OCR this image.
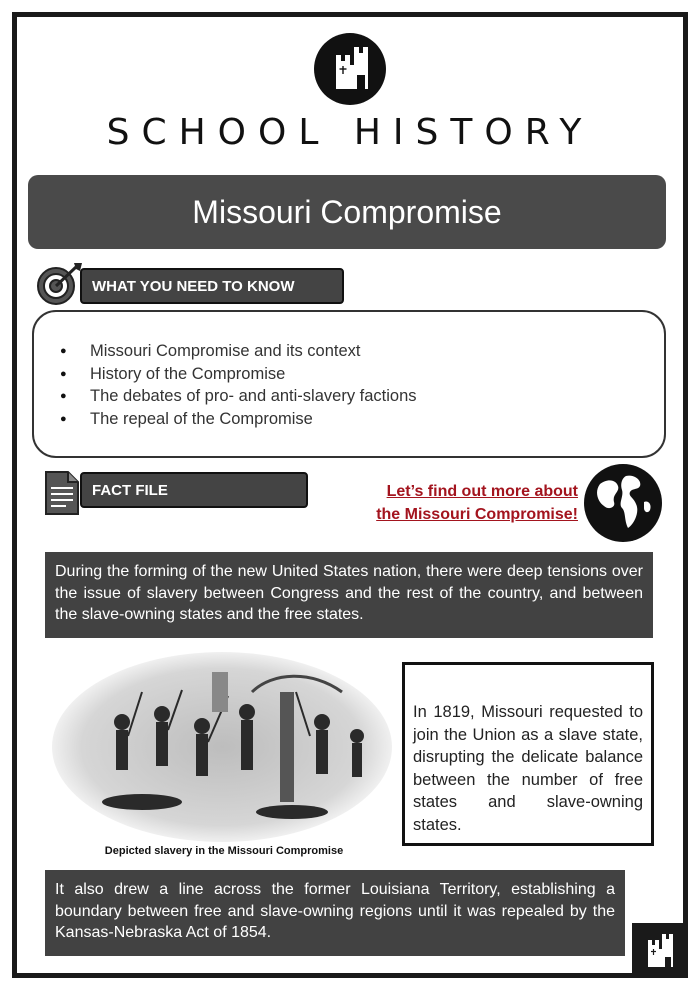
SCHOOL HISTORY
Missouri Compromise
WHAT YOU NEED TO KNOW
● Missouri Compromise and its context
● History of the Compromise
● The debates of pro- and anti-slavery factions
● The repeal of the Compromise
FACT FILE	Let’s find out more about
the Missouri Compromise!

During the forming of the new United States nation, there were deep tensions over the issue of slavery between Congress and the rest of the country, and between the slave-owning states and the free states.

Depicted slavery in the Missouri Compromise

In 1819, Missouri requested to join the Union as a slave state, disrupting the delicate balance between the number of free states and slave-owning states.

It also drew a line across the former Louisiana Territory, establishing a boundary between free and slave-owning regions until it was repealed by the Kansas-Nebraska Act of 1854.
